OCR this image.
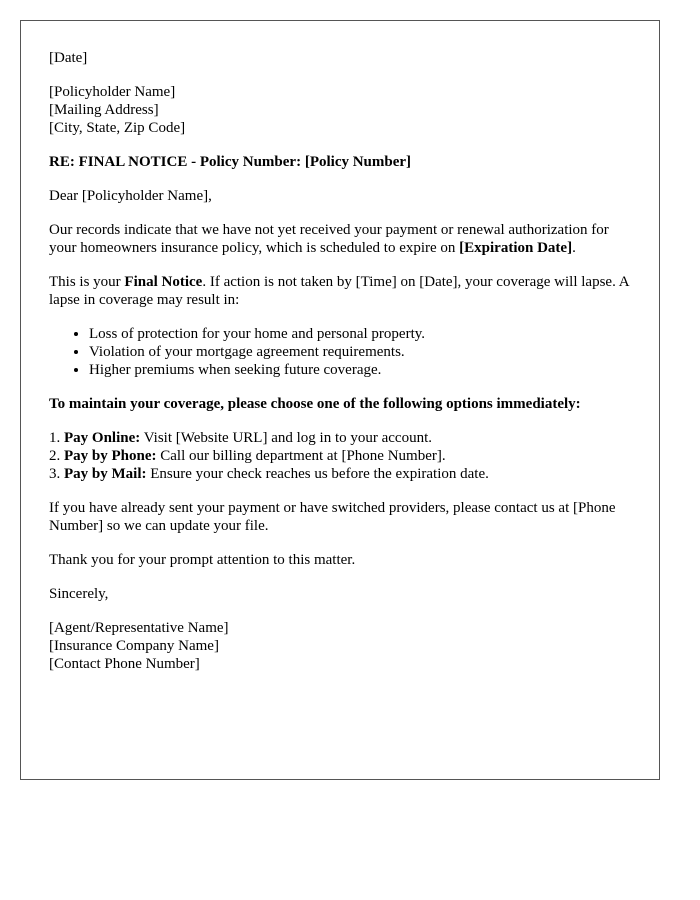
[Date]

[Policyholder Name]
[Mailing Address]
[City, State, Zip Code]

RE: FINAL NOTICE - Policy Number: [Policy Number]

Dear [Policyholder Name],

Our records indicate that we have not yet received your payment or renewal authorization for your homeowners insurance policy, which is scheduled to expire on [Expiration Date].

This is your Final Notice. If action is not taken by [Time] on [Date], your coverage will lapse. A lapse in coverage may result in:

• Loss of protection for your home and personal property.
• Violation of your mortgage agreement requirements.
• Higher premiums when seeking future coverage.

To maintain your coverage, please choose one of the following options immediately:

1. Pay Online: Visit [Website URL] and log in to your account.
2. Pay by Phone: Call our billing department at [Phone Number].
3. Pay by Mail: Ensure your check reaches us before the expiration date.

If you have already sent your payment or have switched providers, please contact us at [Phone Number] so we can update your file.

Thank you for your prompt attention to this matter.

Sincerely,

[Agent/Representative Name]
[Insurance Company Name]
[Contact Phone Number]
